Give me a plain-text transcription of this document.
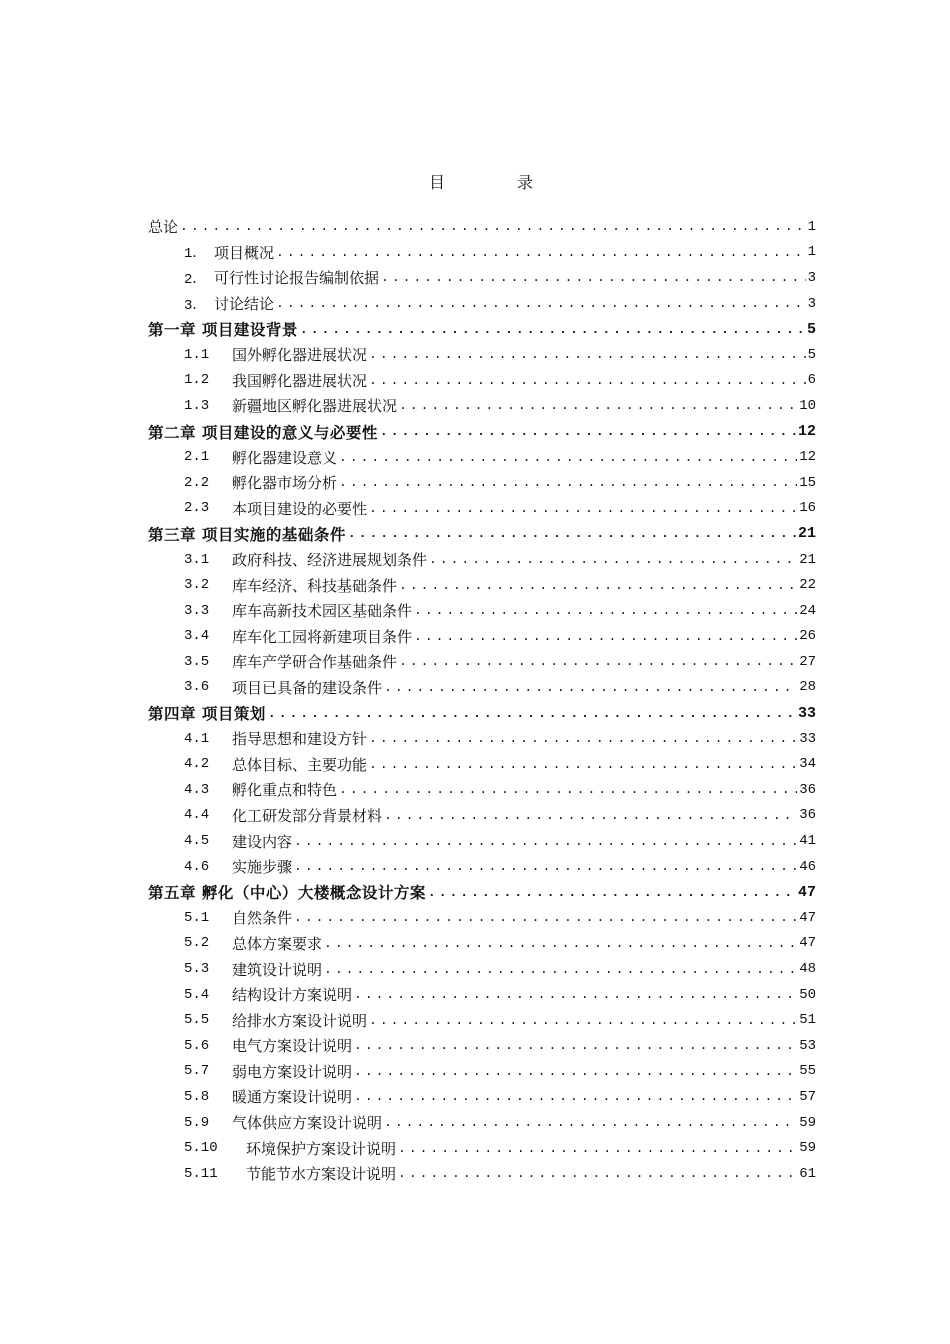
目　录
总论 .....	1
1． 项目概况 .....	1
2． 可行性讨论报告编制依据 .....	3
3． 讨论结论 .....	3
第一章 项目建设背景 .....	5
1.1	国外孵化器进展状况 .....	5
1.2	我国孵化器进展状况 .....	6
1.3	新疆地区孵化器进展状况 .....	10
第二章 项目建设的意义与必要性 .....	12
2.1	孵化器建设意义 .....	12
2.2	孵化器市场分析 .....	15
2.3	本项目建设的必要性 .....	16
第三章 项目实施的基础条件 .....	21
3.1	政府科技、经济进展规划条件 .....	21
3.2	库车经济、科技基础条件 .....	22
3.3	库车高新技术园区基础条件 .....	24
3.4	库车化工园将新建项目条件 .....	26
3.5	库车产学研合作基础条件 .....	27
3.6	项目已具备的建设条件 .....	28
第四章 项目策划 .....	33
4.1	指导思想和建设方针 .....	33
4.2	总体目标、主要功能 .....	34
4.3	孵化重点和特色 .....	36
4.4	化工研发部分背景材料 .....	36
4.5	建设内容 .....	41
4.6	实施步骤 .....	46
第五章 孵化（中心）大楼概念设计方案 .....	47
5.1	自然条件 .....	47
5.2	总体方案要求 .....	47
5.3	建筑设计说明 .....	48
5.4	结构设计方案说明 .....	50
5.5	给排水方案设计说明 .....	51
5.6	电气方案设计说明 .....	53
5.7	弱电方案设计说明 .....	55
5.8	暖通方案设计说明 .....	57
5.9	气体供应方案设计说明 .....	59
5.10	环境保护方案设计说明 .....	59
5.11	节能节水方案设计说明 .....	61
